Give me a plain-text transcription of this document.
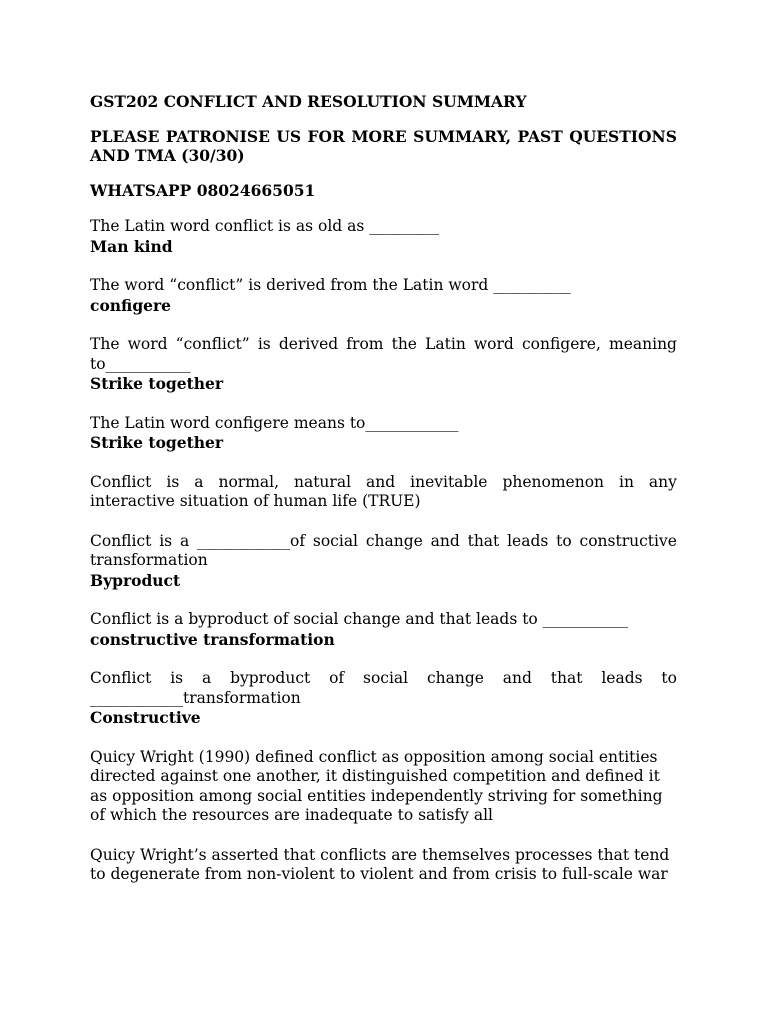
GST202 CONFLICT AND RESOLUTION SUMMARY
PLEASE PATRONISE US FOR MORE SUMMARY, PAST QUESTIONS
AND TMA (30/30)
WHATSAPP 08024665051
The Latin word conflict is as old as _________
Man kind
The word “conflict” is derived from the Latin word __________
configere
The word “conflict” is derived from the Latin word configere, meaning
to___________
Strike together
The Latin word configere means to____________
Strike together
Conflict is a normal, natural and inevitable phenomenon in any
interactive situation of human life (TRUE)
Conflict is a ____________of social change and that leads to constructive
transformation
Byproduct
Conflict is a byproduct of social change and that leads to ___________
constructive transformation
Conflict is a byproduct of social change and that leads to
____________transformation
Constructive
Quicy Wright (1990) defined conflict as opposition among social entities
directed against one another, it distinguished competition and defined it
as opposition among social entities independently striving for something
of which the resources are inadequate to satisfy all
Quicy Wright’s asserted that conflicts are themselves processes that tend
to degenerate from non-violent to violent and from crisis to full-scale war
